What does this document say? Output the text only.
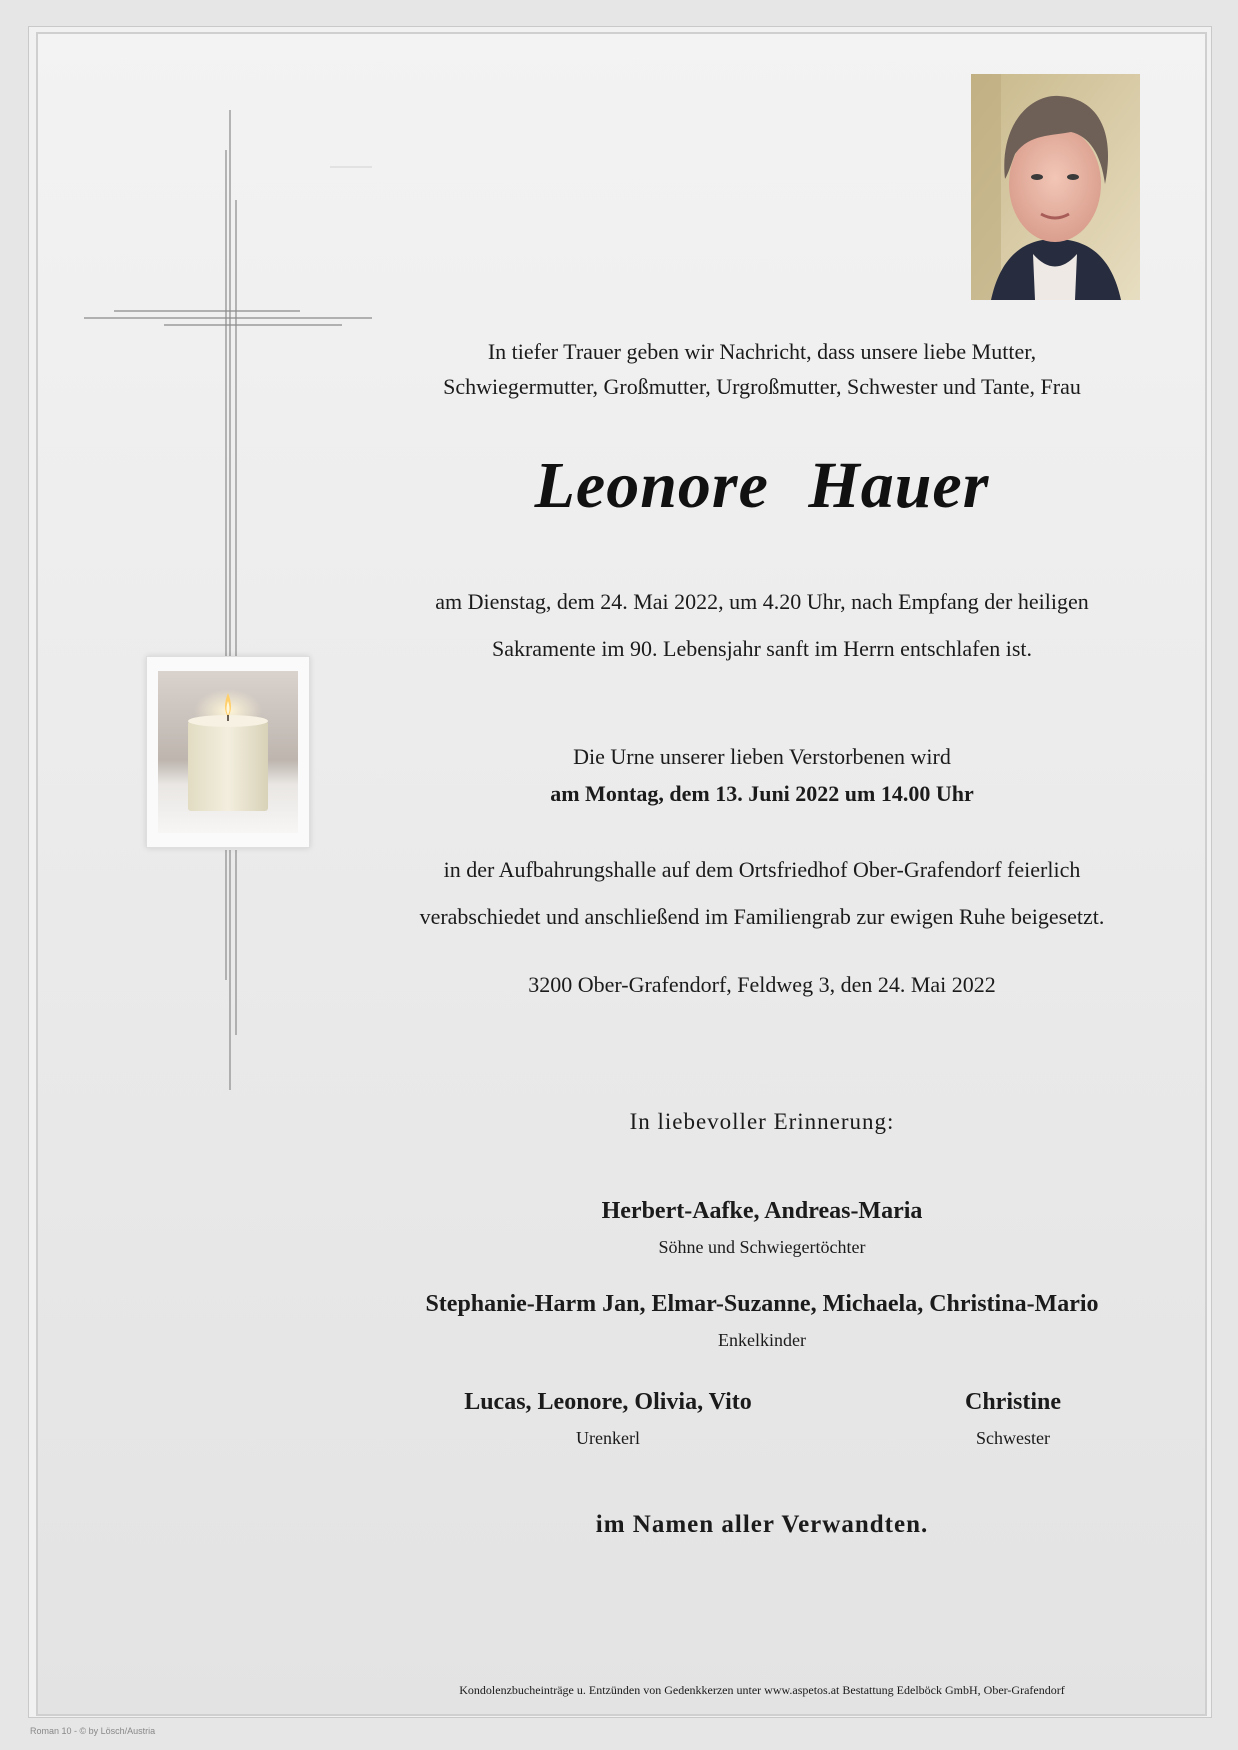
In tiefer Trauer geben wir Nachricht, dass unsere liebe Mutter,
Schwiegermutter, Großmutter, Urgroßmutter, Schwester und Tante, Frau
Leonore Hauer
am Dienstag, dem 24. Mai 2022, um 4.20 Uhr, nach Empfang der heiligen
Sakramente im 90. Lebensjahr sanft im Herrn entschlafen ist.
Die Urne unserer lieben Verstorbenen wird
am Montag, dem 13. Juni 2022 um 14.00 Uhr
in der Aufbahrungshalle auf dem Ortsfriedhof Ober-Grafendorf feierlich
verabschiedet und anschließend im Familiengrab zur ewigen Ruhe beigesetzt.
3200 Ober-Grafendorf, Feldweg 3, den 24. Mai 2022
In liebevoller Erinnerung:
Herbert-Aafke, Andreas-Maria
Söhne und Schwiegertöchter
Stephanie-Harm Jan, Elmar-Suzanne, Michaela, Christina-Mario
Enkelkinder
Lucas, Leonore, Olivia, Vito
Urenkerl
Christine
Schwester
im Namen aller Verwandten.
Kondolenzbucheinträge u. Entzünden von Gedenkkerzen unter www.aspetos.at Bestattung Edelböck GmbH, Ober-Grafendorf
Roman 10 - © by Lösch/Austria
